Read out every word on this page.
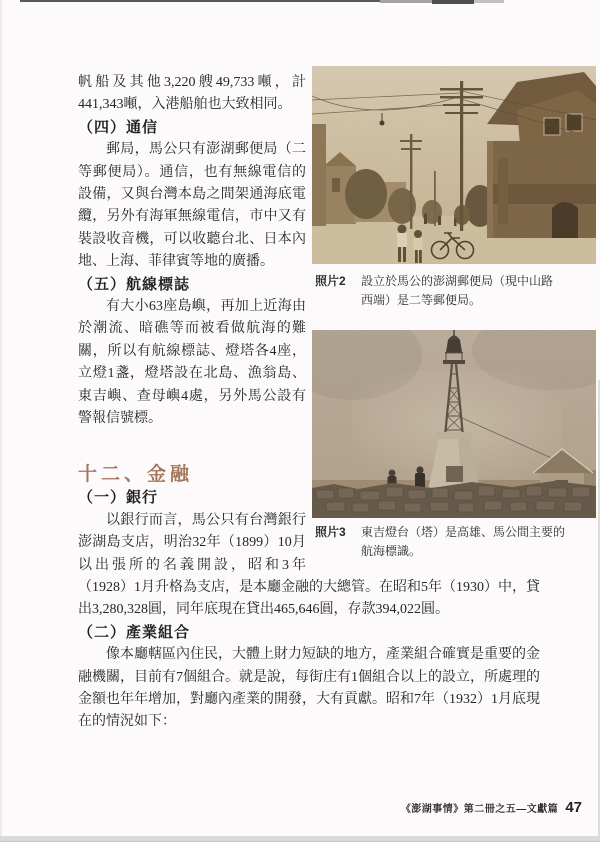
照片2	設立於馬公的澎湖郵便局（現中山路西端）是二等郵便局。
照片3	東吉燈台（塔）是高雄、馬公間主要的航海標識。

帆船及其他3,220艘49,733噸，計441,343噸，入港船舶也大致相同。

（四）通信

郵局，馬公只有澎湖郵便局（二等郵便局）。通信，也有無線電信的設備，又與台灣本島之間架通海底電纜，另外有海軍無線電信，市中又有裝設收音機，可以收聽台北、日本內地、上海、菲律賓等地的廣播。

（五）航線標誌

有大小63座島嶼，再加上近海由於潮流、暗礁等而被看做航海的難關，所以有航線標誌、燈塔各4座，立燈1盞，燈塔設在北島、漁翁島、東吉嶼、查母嶼4處，另外馬公設有警報信號標。

十二、金融
（一）銀行

以銀行而言，馬公只有台灣銀行澎湖島支店，明治32年（1899）10月以出張所的名義開設，昭和3年（1928）1月升格為支店，是本廳金融的大總管。在昭和5年（1930）中，貸出3,280,328圓，同年底現在貸出465,646圓，存款394,022圓。

（二）產業組合

像本廳轄區內住民，大體上財力短缺的地方，產業組合確實是重要的金融機關，目前有7個組合。就是說，每街庄有1個組合以上的設立，所處理的金額也年年增加，對廳內產業的開發，大有貢獻。昭和7年（1932）1月底現在的情況如下：

《澎湖事情》第二冊之五—文獻篇 47
